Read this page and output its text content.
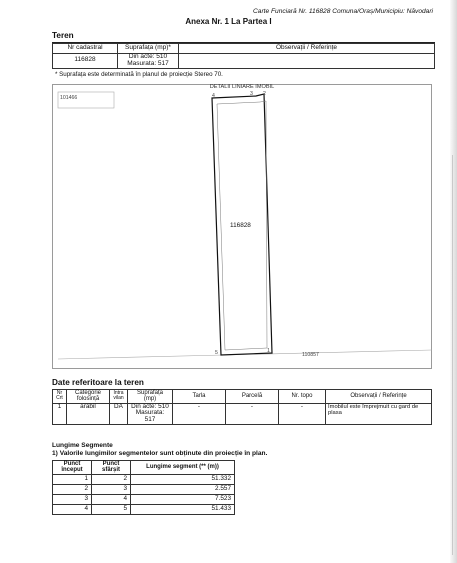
Carte Funciară Nr. 116828 Comuna/Oraș/Municipiu: Năvodari
Anexa Nr. 1 La Partea I
Teren
Nr cadastral	Suprafața (mp)*	Observații / Referințe
116828	Din acte: 510
Masurata: 517	

* Suprafața este determinată în planul de proiecție Stereo 70.
DETALII LINIARE IMOBIL
101466
116828
110857
4	3 2
5	1
Date referitoare la teren
Nr Crt	Categorie folosință	Intra vilan	Suprafața (mp)	Tarla	Parcelă	Nr. topo	Observații / Referințe
1	arabil	DA	Din acte: 510
Masurata: 517	-	-	-	Imobilul este împrejmuit cu gard de plasa
Lungime Segmente
1) Valorile lungimilor segmentelor sunt obținute din proiecție în plan.
Punct început	Punct sfârșit	Lungime segment (** (m))
1	2	51.332
2	3	2.557
3	4	7.523
4	5	51.433
